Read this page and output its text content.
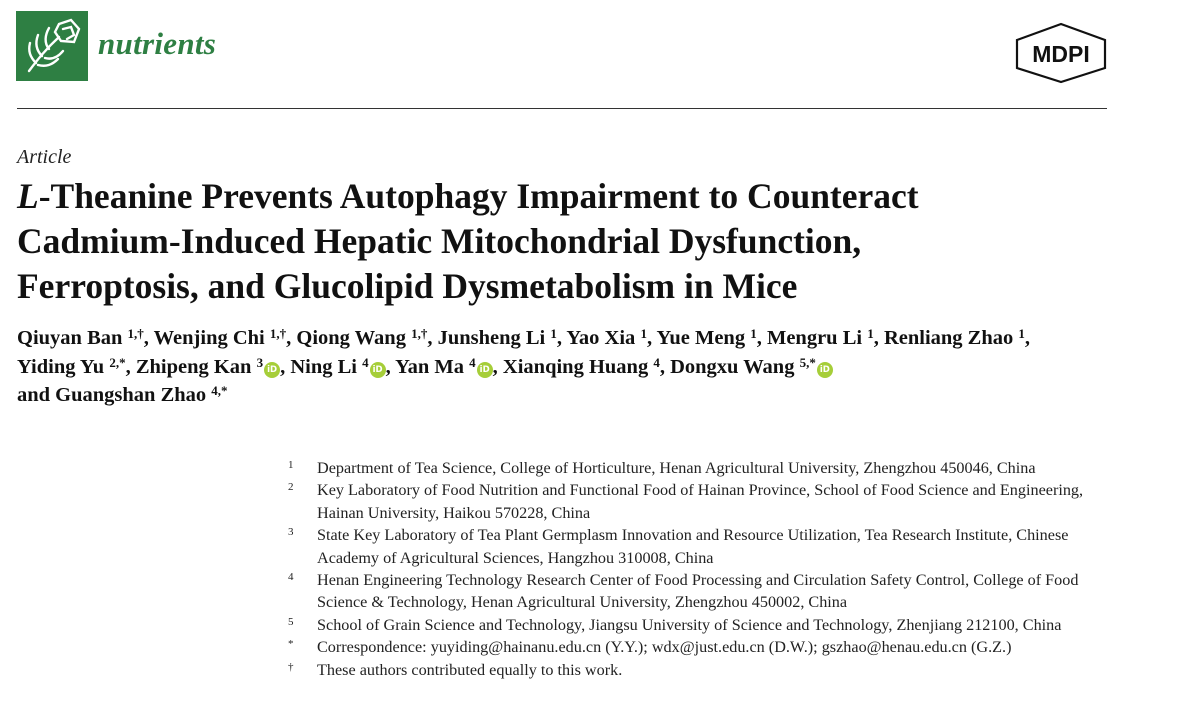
nutrients	MDPI
Article
L-Theanine Prevents Autophagy Impairment to Counteract
Cadmium-Induced Hepatic Mitochondrial Dysfunction,
Ferroptosis, and Glucolipid Dysmetabolism in Mice
Qiuyan Ban $^{1,\dagger}$, Wenjing Chi $^{1,\dagger}$, Qiong Wang $^{1,\dagger}$, Junsheng Li $^1$, Yao Xia $^1$, Yue Meng $^1$, Mengru Li $^1$, Renliang Zhao $^1$,
Yiding Yu $^{2,*}$, Zhipeng Kan $^3$ iD , Ning Li $^4$ iD , Yan Ma $^4$ iD , Xianqing Huang $^4$, Dongxu Wang $^{5,*}$ iD
and Guangshan Zhao $^{4,*}$
1 Department of Tea Science, College of Horticulture, Henan Agricultural University, Zhengzhou 450046, China
2 Key Laboratory of Food Nutrition and Functional Food of Hainan Province, School of Food Science and Engineering, Hainan University, Haikou 570228, China
3 State Key Laboratory of Tea Plant Germplasm Innovation and Resource Utilization, Tea Research Institute, Chinese Academy of Agricultural Sciences, Hangzhou 310008, China
4 Henan Engineering Technology Research Center of Food Processing and Circulation Safety Control, College of Food Science & Technology, Henan Agricultural University, Zhengzhou 450002, China
5 School of Grain Science and Technology, Jiangsu University of Science and Technology, Zhenjiang 212100, China
* Correspondence: yuyiding@hainanu.edu.cn (Y.Y.); wdx@just.edu.cn (D.W.); gszhao@henau.edu.cn (G.Z.)
† These authors contributed equally to this work.
